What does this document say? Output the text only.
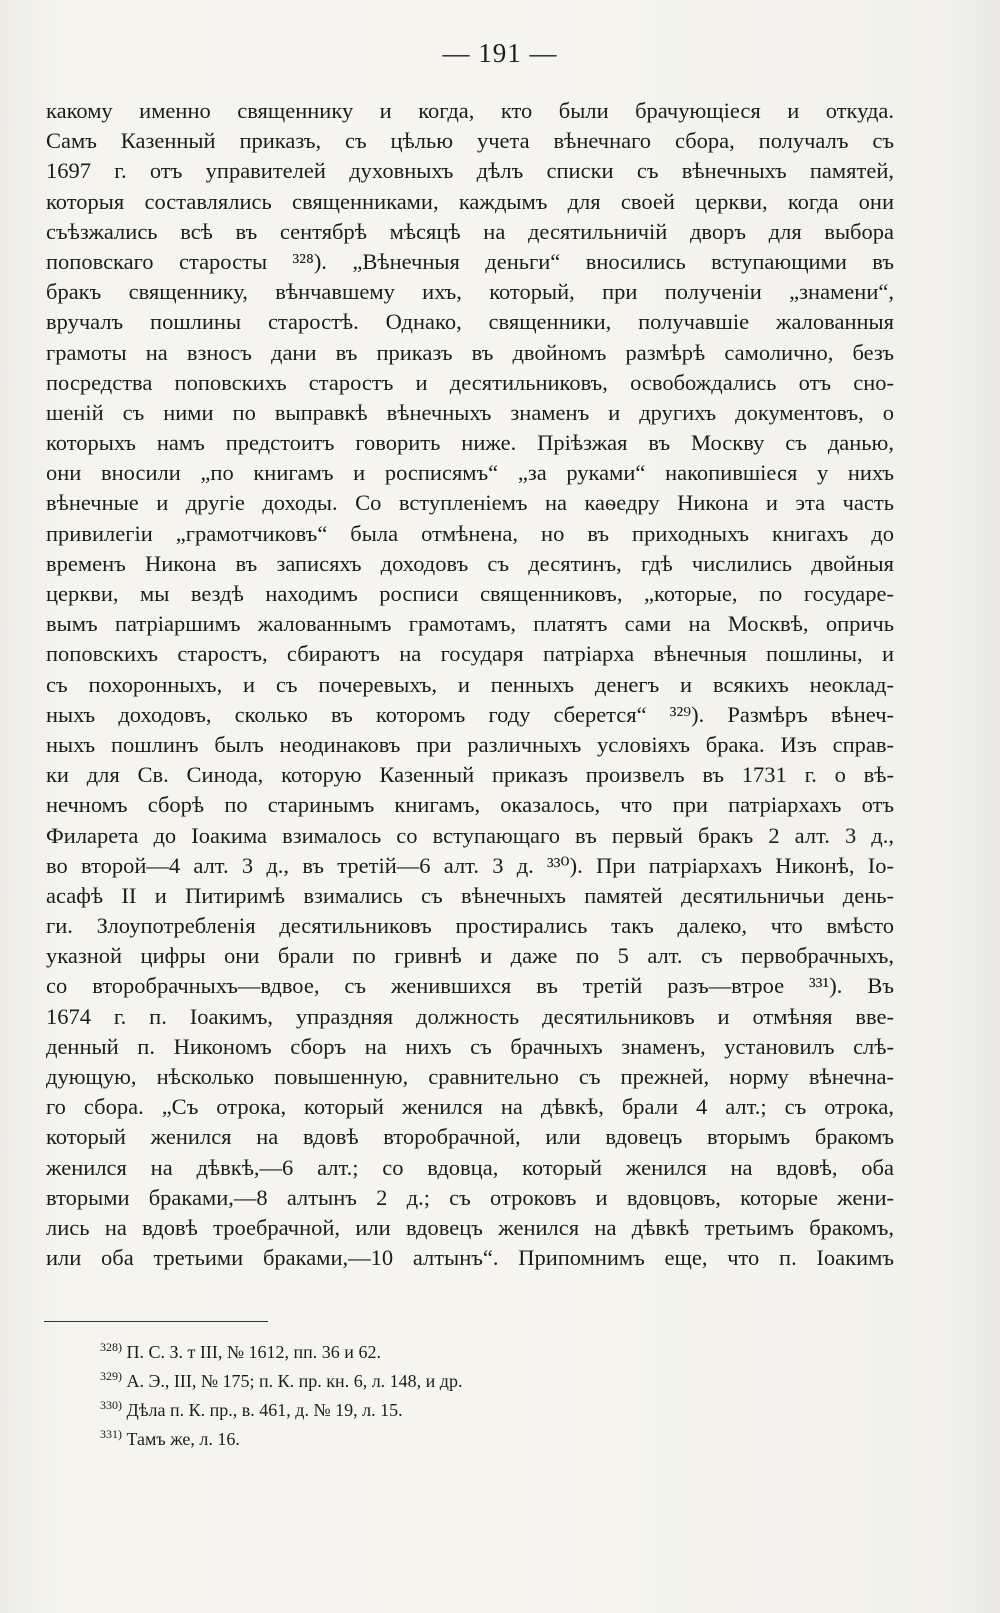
— 191 —
какому именно священнику и когда, кто были брачующіеся и откуда.
Самъ Казенный приказъ, съ цѣлью учета вѣнечнаго сбора, получалъ съ
1697 г. отъ управителей духовныхъ дѣлъ списки съ вѣнечныхъ памятей,
которыя составлялись священниками, каждымъ для своей церкви, когда они
съѣзжались всѣ въ сентябрѣ мѣсяцѣ на десятильничій дворъ для выбора
поповскаго старосты ³²⁸). „Вѣнечныя деньги“ вносились вступающими въ
бракъ священнику, вѣнчавшему ихъ, который, при полученіи „знамени“,
вручалъ пошлины старостѣ. Однако, священники, получавшіе жалованныя
грамоты на взносъ дани въ приказъ въ двойномъ размѣрѣ самолично, безъ
посредства поповскихъ старостъ и десятильниковъ, освобождались отъ сно-
шеній съ ними по выправкѣ вѣнечныхъ знаменъ и другихъ документовъ, о
которыхъ намъ предстоитъ говорить ниже. Пріѣзжая въ Москву съ данью,
они вносили „по книгамъ и росписямъ“ „за руками“ накопившіеся у нихъ
вѣнечные и другіе доходы. Со вступленіемъ на каѳедру Никона и эта часть
привилегіи „грамотчиковъ“ была отмѣнена, но въ приходныхъ книгахъ до
временъ Никона въ записяхъ доходовъ съ десятинъ, гдѣ числились двойныя
церкви, мы вездѣ находимъ росписи священниковъ, „которые, по государе-
вымъ патріаршимъ жалованнымъ грамотамъ, платятъ сами на Москвѣ, опричь
поповскихъ старостъ, сбираютъ на государя патріарха вѣнечныя пошлины, и
съ похоронныхъ, и съ почеревыхъ, и пенныхъ денегъ и всякихъ неоклад-
ныхъ доходовъ, сколько въ которомъ году сберется“ ³²⁹). Размѣръ вѣнеч-
ныхъ пошлинъ былъ неодинаковъ при различныхъ условіяхъ брака. Изъ справ-
ки для Св. Синода, которую Казенный приказъ произвелъ въ 1731 г. о вѣ-
нечномъ сборѣ по старинымъ книгамъ, оказалось, что при патріархахъ отъ
Филарета до Іоакима взималось со вступающаго въ первый бракъ 2 алт. 3 д.,
во второй—4 алт. 3 д., въ третій—6 алт. 3 д. ³³⁰). При патріархахъ Никонѣ, Іо-
асафѣ II и Питиримѣ взимались съ вѣнечныхъ памятей десятильничьи день-
ги. Злоупотребленія десятильниковъ простирались такъ далеко, что вмѣсто
указной цифры они брали по гривнѣ и даже по 5 алт. съ первобрачныхъ,
со второбрачныхъ—вдвое, съ женившихся въ третій разъ—втрое ³³¹). Въ
1674 г. п. Іоакимъ, упраздняя должность десятильниковъ и отмѣняя вве-
денный п. Никономъ сборъ на нихъ съ брачныхъ знаменъ, установилъ слѣ-
дующую, нѣсколько повышенную, сравнительно съ прежней, норму вѣнечна-
го сбора. „Съ отрока, который женился на дѣвкѣ, брали 4 алт.; съ отрока,
который женился на вдовѣ второбрачной, или вдовецъ вторымъ бракомъ
женился на дѣвкѣ,—6 алт.; со вдовца, который женился на вдовѣ, оба
вторыми браками,—8 алтынъ 2 д.; съ отроковъ и вдовцовъ, которые жени-
лись на вдовѣ троебрачной, или вдовецъ женился на дѣвкѣ третьимъ бракомъ,
или оба третьими браками,—10 алтынъ“. Припомнимъ еще, что п. Іоакимъ
$^{328)}$ П. С. З. т III, № 1612, пп. 36 и 62.
$^{329)}$ А. Э., III, № 175; п. К. пр. кн. 6, л. 148, и др.
$^{330)}$ Дѣла п. К. пр., в. 461, д. № 19, л. 15.
$^{331)}$ Тамъ же, л. 16.
